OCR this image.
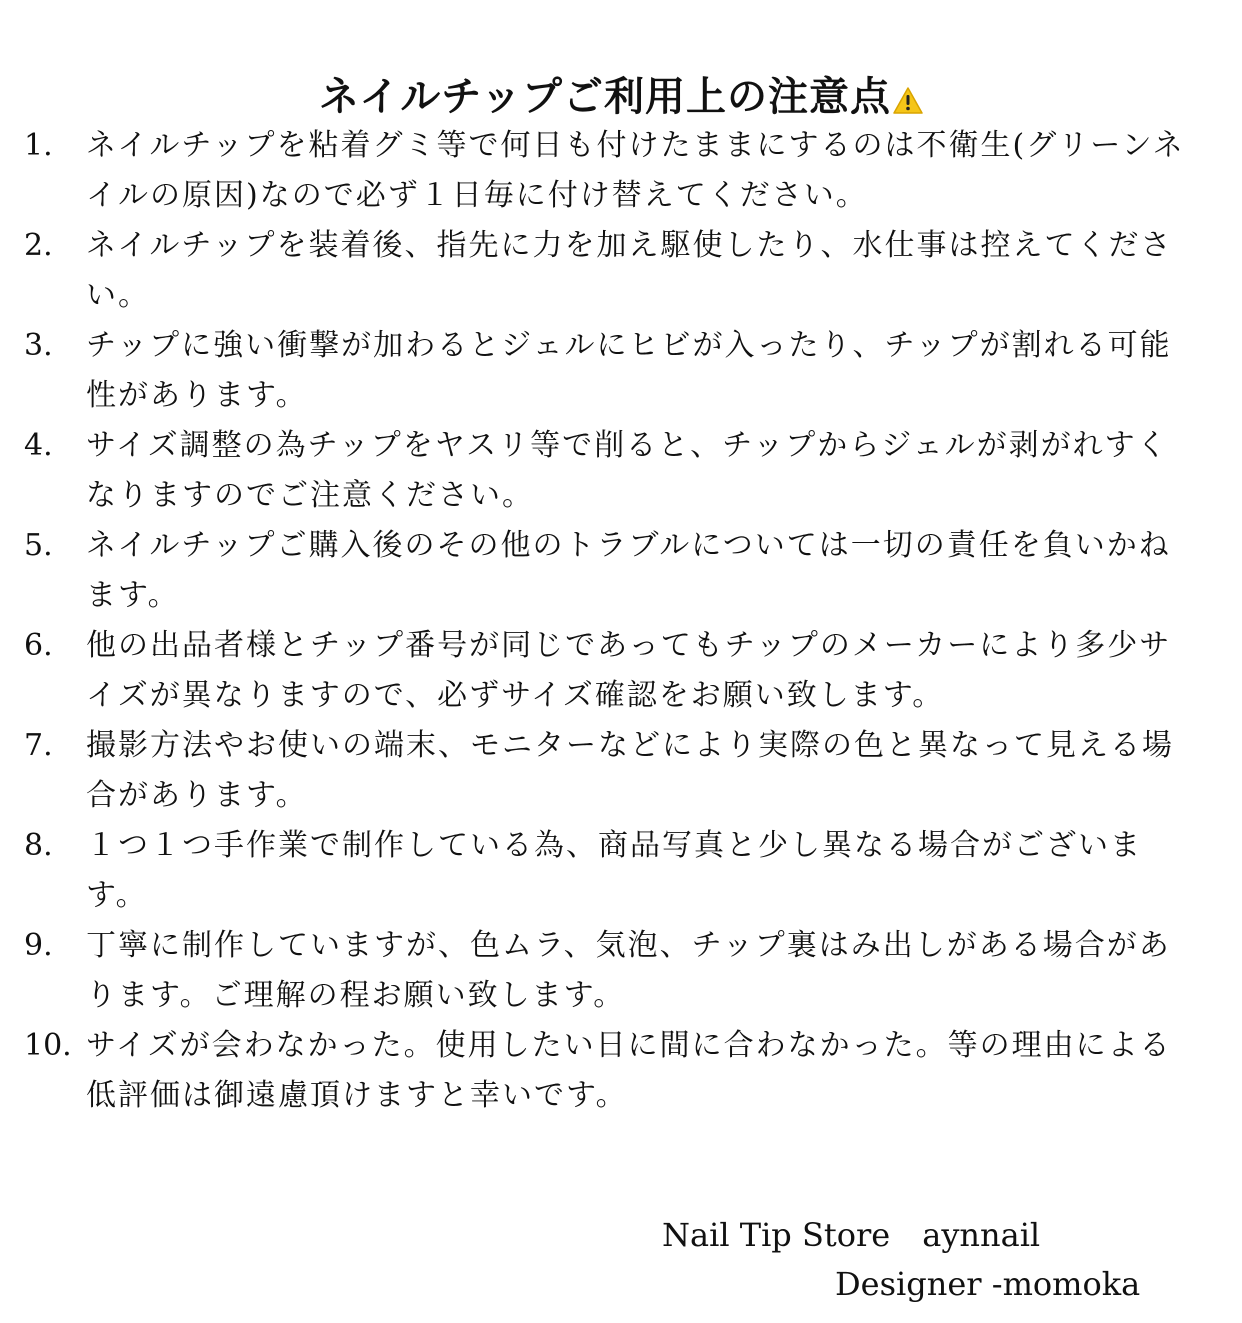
ネイルチップご利用上の注意点
1. ネイルチップを粘着グミ等で何日も付けたままにするのは不衛生(グリーンネイルの原因)なので必ず１日毎に付け替えてください。
2. ネイルチップを装着後、指先に力を加え駆使したり、水仕事は控えてください。
3. チップに強い衝撃が加わるとジェルにヒビが入ったり、チップが割れる可能性があります。
4. サイズ調整の為チップをヤスリ等で削ると、チップからジェルが剥がれすくなりますのでご注意ください。
5. ネイルチップご購入後のその他のトラブルについては一切の責任を負いかねます。
6. 他の出品者様とチップ番号が同じであってもチップのメーカーにより多少サイズが異なりますので、必ずサイズ確認をお願い致します。
7. 撮影方法やお使いの端末、モニターなどにより実際の色と異なって見える場合があります。
8. １つ１つ手作業で制作している為、商品写真と少し異なる場合がございます。
9. 丁寧に制作していますが、色ムラ、気泡、チップ裏はみ出しがある場合があります。ご理解の程お願い致します。
10. サイズが会わなかった。使用したい日に間に合わなかった。等の理由による低評価は御遠慮頂けますと幸いです。
Nail Tip Store　aynnail
Designer -momoka
